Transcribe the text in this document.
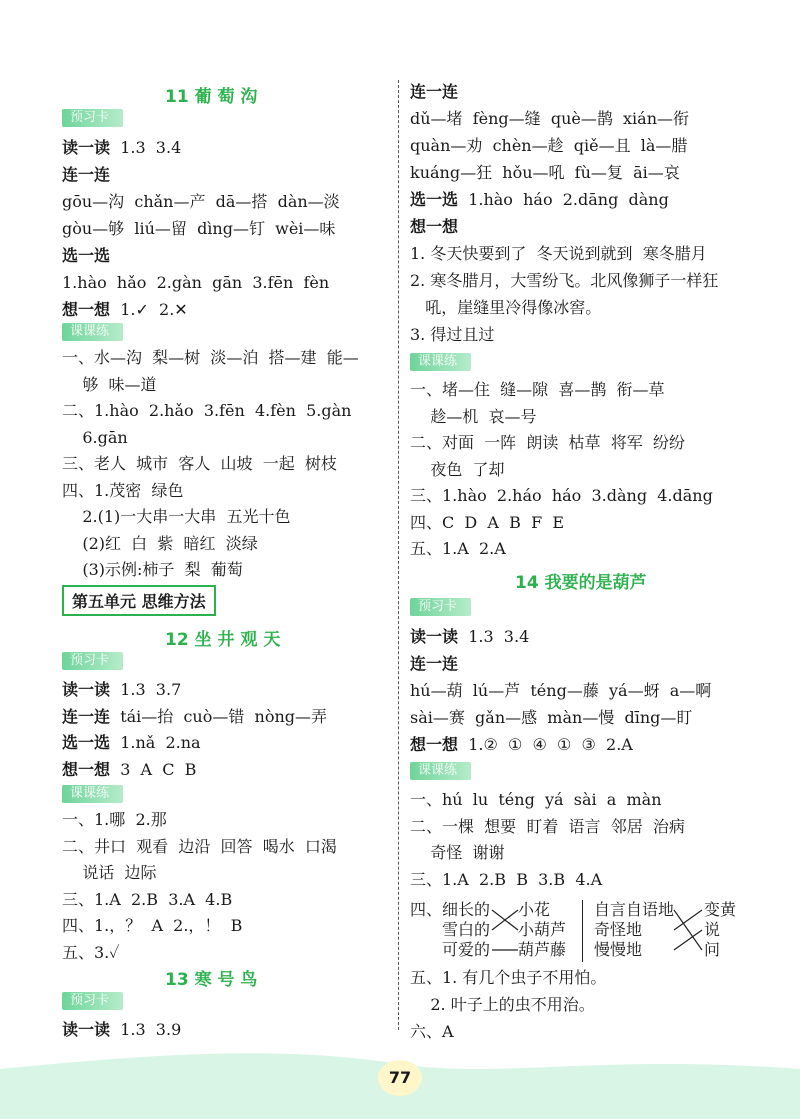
11 葡 萄 沟
预习卡
读一读  1.3  3.4
连一连
gōu—沟  chǎn—产  dā—搭  dàn—淡
gòu—够  liú—留  dìng—钉  wèi—味
选一选
1.hào  hǎo  2.gàn  gān  3.fēn  fèn
想一想  1.✓  2.✕
课课练
一、水—沟  梨—树  淡—泊  搭—建  能—
够  味—道
二、1.hào  2.hǎo  3.fēn  4.fèn  5.gàn
6.gān
三、老人  城市  客人  山坡  一起  树枝
四、1.茂密  绿色
2.(1)一大串一大串  五光十色
(2)红  白  紫  暗红  淡绿
(3)示例:柿子  梨  葡萄
第五单元 思维方法
12 坐 井 观 天
预习卡
读一读  1.3  3.7
连一连  tái—抬  cuò—错  nòng—弄
选一选  1.nǎ  2.na
想一想  3  A  C  B
课课练
一、1.哪  2.那
二、井口  观看  边沿  回答  喝水  口渴
说话  边际
三、1.A  2.B  3.A  4.B
四、1.，？  A  2.，！  B
五、3.✓
13 寒 号 鸟
预习卡
读一读  1.3  3.9
连一连
dǔ—堵  fèng—缝  què—鹊  xián—衔
quàn—劝  chèn—趁  qiě—且  là—腊
kuáng—狂  hǒu—吼  fù—复  āi—哀
选一选  1.hào  háo  2.dāng  dàng
想一想
1. 冬天快要到了  冬天说到就到  寒冬腊月
2. 寒冬腊月，大雪纷飞。北风像狮子一样狂
吼，崖缝里冷得像冰窖。
3. 得过且过
课课练
一、堵—住  缝—隙  喜—鹊  衔—草
趁—机  哀—号
二、对面  一阵  朗读  枯草  将军  纷纷
夜色  了却
三、1.hào  2.háo  háo  3.dàng  4.dāng
四、C  D  A  B  F  E
五、1.A  2.A
14 我要的是葫芦
预习卡
读一读  1.3  3.4
连一连
hú—葫  lú—芦  téng—藤  yá—蚜  a—啊
sài—赛  gǎn—感  màn—慢  dīng—盯
想一想  1.②  ①  ④  ①  ③  2.A
课课练
一、hú  lu  téng  yá  sài  a  màn
二、一棵  想要  盯着  语言  邻居  治病
奇怪  谢谢
三、1.A  2.B  B  3.B  4.A
四、 细长的
雪白的
可爱的
小花
小葫芦
葫芦藤
自言自语地
奇怪地
慢慢地
变黄
说
问
五、1. 有几个虫子不用怕。
2. 叶子上的虫不用治。
六、A
77
